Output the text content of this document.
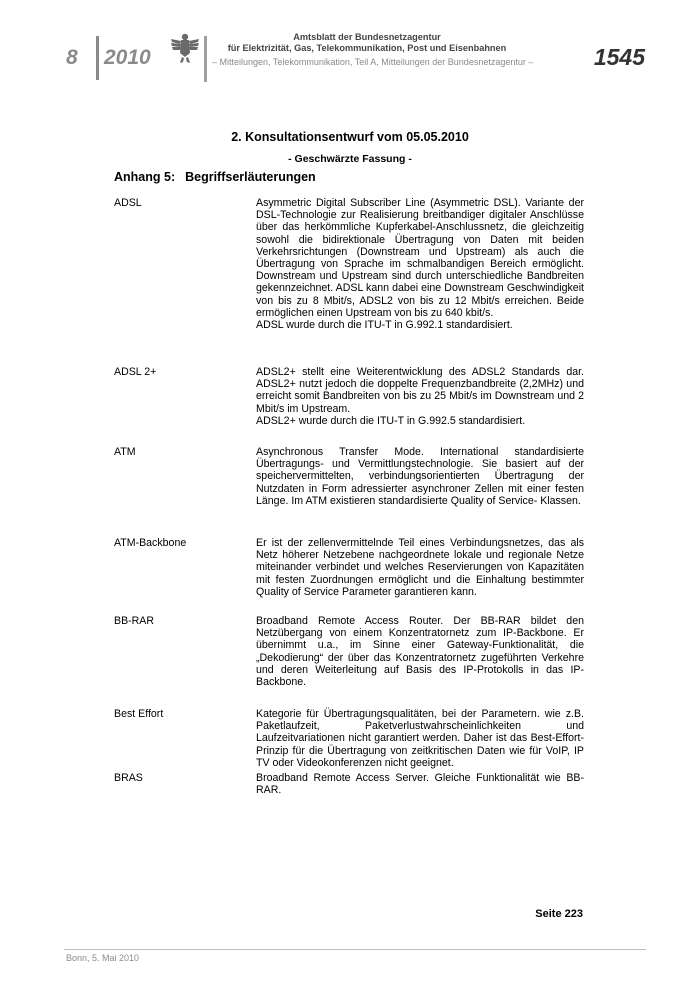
8 2010
Amtsblatt der Bundesnetzagentur
für Elektrizität, Gas, Telekommunikation, Post und Eisenbahnen
– Mitteilungen, Telekommunikation, Teil A, Mitteilungen der Bundesnetzagentur –	1545
2. Konsultationsentwurf vom 05.05.2010
- Geschwärzte Fassung -
Anhang 5: Begriffserläuterungen
ADSL	Asymmetric Digital Subscriber Line (Asymmetric DSL). Variante der DSL-Technologie zur Realisierung breitbandiger digitaler Anschlüsse über das herkömmliche Kupferkabel-Anschlussnetz, die gleichzeitig sowohl die bidirektionale Übertragung von Daten mit beiden Verkehrsrichtungen (Downstream und Upstream) als auch die Übertragung von Sprache im schmalbandigen Bereich ermöglicht. Downstream und Upstream sind durch unterschiedliche Bandbreiten gekennzeichnet. ADSL kann dabei eine Downstream Geschwindigkeit von bis zu 8 Mbit/s, ADSL2 von bis zu 12 Mbit/s erreichen. Beide ermöglichen einen Upstream von bis zu 640 kbit/s.

ADSL wurde durch die ITU-T in G.992.1 standardisiert.

ADSL 2+	ADSL2+ stellt eine Weiterentwicklung des ADSL2 Standards dar. ADSL2+ nutzt jedoch die doppelte Frequenzbandbreite (2,2MHz) und erreicht somit Bandbreiten von bis zu 25 Mbit/s im Downstream und 2 Mbit/s im Upstream.

ADSL2+ wurde durch die ITU-T in G.992.5 standardisiert.

ATM	Asynchronous Transfer Mode. International standardisierte Übertragungs- und Vermittlungstechnologie. Sie basiert auf der speichervermittelten, verbindungsorientierten Übertragung der Nutzdaten in Form adressierter asynchroner Zellen mit einer festen Länge. Im ATM existieren standardisierte Quality of Service- Klassen.

ATM-Backbone	Er ist der zellenvermittelnde Teil eines Verbindungsnetzes, das als Netz höherer Netzebene nachgeordnete lokale und regionale Netze miteinander verbindet und welches Reservierungen von Kapazitäten mit festen Zuordnungen ermöglicht und die Einhaltung bestimmter Quality of Service Parameter garantieren kann.

BB-RAR	Broadband Remote Access Router. Der BB-RAR bildet den Netzübergang von einem Konzentratornetz zum IP-Backbone. Er übernimmt u.a., im Sinne einer Gateway-Funktionalität, die „Dekodierung“ der über das Konzentratornetz zugeführten Verkehre und deren Weiterleitung auf Basis des IP-Protokolls in das IP-Backbone.

Best Effort	Kategorie für Übertragungsqualitäten, bei der Parametern. wie z.B. Paketlaufzeit, Paketverlustwahrscheinlichkeiten und Laufzeitvariationen nicht garantiert werden. Daher ist das Best-Effort-Prinzip für die Übertragung von zeitkritischen Daten wie für VoIP, IP TV oder Videokonferenzen nicht geeignet.

BRAS	Broadband Remote Access Server. Gleiche Funktionalität wie BB-RAR.

Seite 223
Bonn, 5. Mai 2010
